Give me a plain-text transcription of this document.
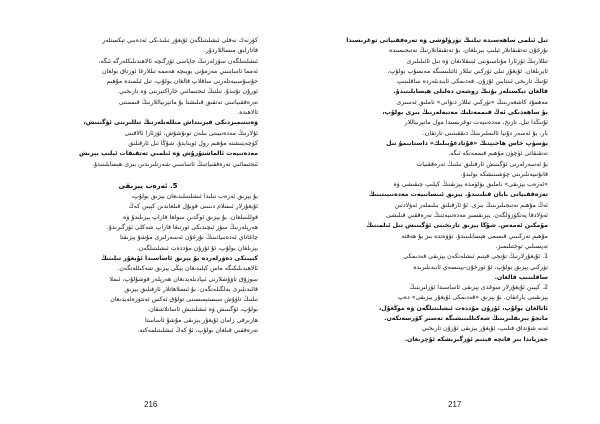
كۆزنەك نەقلى ئىشلىتىلگەن ئۇيغۇر تىلىدىكى ئەدەبىي تېكستلەر
قاتارلىق مىساللاردۇر.
ئىشلىتىلگەن سۆزلەرنىڭ جاپاسى ئۆزگىچە ئالاھىدىلىكلەرگە ئىگە،
ئەمما ئاساسىي مەزمۇنى بويىچە ھەممە تىللارغا ئورتاق بولغان
خۇسۇسىيەتلەرنى ساقلاپ قالغان بولۇپ، تىل ئىلمىدە مۇھىم
ئورۇن تۇتىدۇ. تىلنىڭ ئىجتىمائىي خاراكتېرىنى ۋە تارىخىي
تەرەققىياتىنى تەتقىق قىلىشتا بۇ ماتېرىياللارنىڭ قىممىتى
ئالاھىدە.
ۋەتىنىمىزدىكى قېرىنداش مىللەتلەرنىڭ تىللىرىنى ئۆگىنىش،
ئۇلارنىڭ مەدەنىيىتى بىلەن تونۇشۇش، ئۆزئارا ئالاقىنى
كۈچەيتىشتە مۇھىم رول ئوينايدۇ. شۇڭا تىل ئارقىلىق
مەدەنىيەت ئالماشتۇرۇش ۋە ئىلمىي تەتقىقات ئېلىپ بېرىش
ئىجتىمائىي تەرەققىياتنىڭ ئاساسىي شەرتلىرىدىن بىرى ھېسابلىنىدۇ.
5. ئەرەب يېزىقى
بۇ يېزىق ئەرەب تىلىدا ئىشلىتىلىدىغان يېزىق بولۇپ،
ئۇيغۇرلار ئىسلام دىنىنى قوبۇل قىلغاندىن كېيىن كەڭ
قوللىنىلغان. بۇ يېزىق ئوڭدىن سولغا قاراپ يېزىلىدۇ ۋە
ھەرپلەرنىڭ سۆز ئىچىدىكى ئورنىغا قاراپ شەكلى ئۆزگىرىدۇ.
چاغاتاي ئەدەبىياتىنىڭ نۇرغۇن ئەسەرلىرى مۇشۇ يېزىقتا
يېزىلغان بولۇپ، ئۇ ئۇزۇن مۇددەت ئىشلىتىلگەن.
كېيىنكى دەۋرلەردە بۇ يېزىق ئاساسىدا ئۇيغۇر تىلىنىڭ
ئالاھىدىلىكىگە ماس كېلىدىغان يېڭى يېزىق شەكىللەنگەن.
سوزۇق تاۋۇشلارنى ئىپادىلەيدىغان ھەرپلەر قوشۇلۇپ، ئىملا
قائىدىلىرى بەلگىلەنگەن. بۇ ئىسلاھاتلار ئارقىلىق يېزىق
تىلنىڭ تاۋۇش سىستېمىسىنى تولۇق ئەكس ئەتتۈرەلەيدىغان
بولۇپ، ئۆگىنىش ۋە ئىشلىتىش ئاسانلاشقان.
ھازىرقى زامان ئۇيغۇر يېزىقى مۇشۇ ئاساستا
تەرەققىي قىلغان بولۇپ، ئۇ كەڭ ئىشلىتىلمەكتە.
216
تىل ئىلمى ساھەسىدە تىلنىڭ تۈزۈلۈشى ۋە تەرەققىياتى توغرىسىدا
نۇرغۇن تەتقىقاتلار ئېلىپ بېرىلغان. بۇ تەتقىقاتلارنىڭ نەتىجىسىدە
تىللارنىڭ ئۆزئارا مۇناسىۋىتى ئېنىقلانغان ۋە تىل ئائىلىلىرى
ئايرىلغان. ئۇيغۇر تىلى تۈركىي تىللار ئائىلىسىگە مەنسۇپ بولۇپ،
ئۇنىڭ تارىخى ئىنتايىن ئۇزۇن. قەدىمكى ئابىدىلەردە ساقلىنىپ
قالغان تېكستلەر بۇنىڭ روشەن دەلىلى ھېسابلىنىدۇ.
مەھمۇد كاشغەرىنىڭ «تۈركىي تىللار دىۋانى» ناملىق ئەسىرى
بۇ ساھەدىكى ئەڭ قىممەتلىك مەنبەلەرنىڭ بىرى بولۇپ،
ئۇنىڭدا تىل، تارىخ، مەدەنىيەت توغرىسىدا مول ماتېرىياللار
بار. بۇ ئەسەر دۇنيا ئالىملىرىنىڭ دىققىتىنى تارتقان.
يۈسۈپ خاس ھاجىپنىڭ «قۇتادغۇبىلىك» داستانىمۇ تىل
تەتقىقاتى ئۈچۈن مۇھىم قىممەتكە ئىگە.
بۇ ئەسەرلەرنى ئۆگىنىش ئارقىلىق تىلنىڭ تەرەققىيات
قانۇنىيەتلىرىنى چۈشىنىشكە بولىدۇ.
«ئەرەب يېزىقى» ناملىق بۆلۈمدە يېزىقنىڭ كېلىپ چىقىشى ۋە
تەرەققىياتى بايان قىلىنىدۇ. يېزىق ئىنسانىيەت مەدەنىيىتىنىڭ
ئەڭ مۇھىم نەتىجىلىرىنىڭ بىرى. ئۇ ئارقىلىق بىلىملەر ئەۋلادتىن
ئەۋلادقا يەتكۈزۈلگەن. يېزىقسىز مەدەنىيەتنىڭ تەرەققىي قىلىشى
مۇمكىن ئەمەس. شۇڭا يېزىق تارىخىنى ئۆگىنىش تىل ئىلمىنىڭ
مۇھىم تەركىبىي قىسمى ھېسابلىنىدۇ. تۆۋەندە بىز بۇ ھەقتە
تەپسىلىي توختىلىمىز.
1. ئۇيغۇرلارنىڭ تۇنجى قېتىم ئىشلەتكەن يېزىقى قەدىمكى
تۈركىي يېزىق بولۇپ، ئۇ ئورخۇن-يېنىسەي ئابىدىلىرىدە
ساقلىنىپ قالغان.
2. كېيىن ئۇيغۇرلار سوغدى يېزىقى ئاساسىدا ئۆزلىرىنىڭ
يېزىقىنى ياراتقان. بۇ يېزىق «قەدىمكى ئۇيغۇر يېزىقى» دەپ
ئاتالغان بولۇپ، ئۇزۇن مۇددەت ئىشلىتىلگەن ۋە موڭغۇل،
مانجۇ يېزىقلىرىنىڭ شەكىللىنىشىگە تەسىر كۆرسەتكەن.
ئەنە شۇنداق قىلىپ، ئۇيغۇر يېزىقى ئۇزۇن تارىخىي
جەرياندا بىر قانچە قېتىم ئۆزگىرىشكە ئۇچرىغان.
217
